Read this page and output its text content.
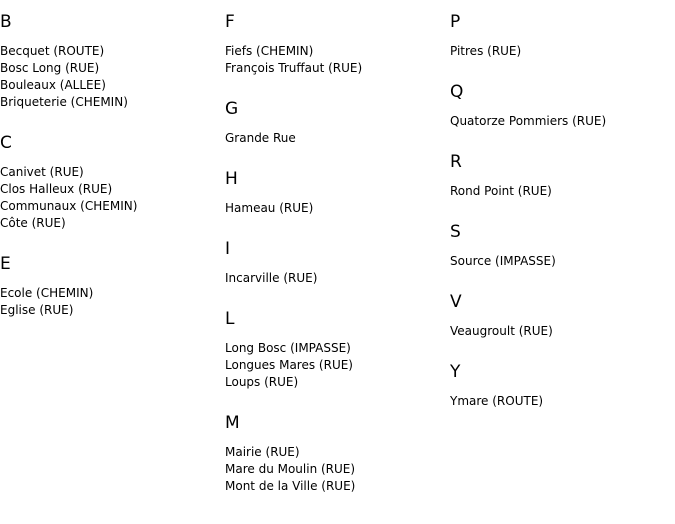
B
Becquet (ROUTE)
Bosc Long (RUE)
Bouleaux (ALLEE)
Briqueterie (CHEMIN)
C
Canivet (RUE)
Clos Halleux (RUE)
Communaux (CHEMIN)
Côte (RUE)
E
Ecole (CHEMIN)
Eglise (RUE)
F
Fiefs (CHEMIN)
François Truffaut (RUE)
G
Grande Rue
H
Hameau (RUE)
I
Incarville (RUE)
L
Long Bosc (IMPASSE)
Longues Mares (RUE)
Loups (RUE)
M
Mairie (RUE)
Mare du Moulin (RUE)
Mont de la Ville (RUE)
P
Pitres (RUE)
Q
Quatorze Pommiers (RUE)
R
Rond Point (RUE)
S
Source (IMPASSE)
V
Veaugroult (RUE)
Y
Ymare (ROUTE)
